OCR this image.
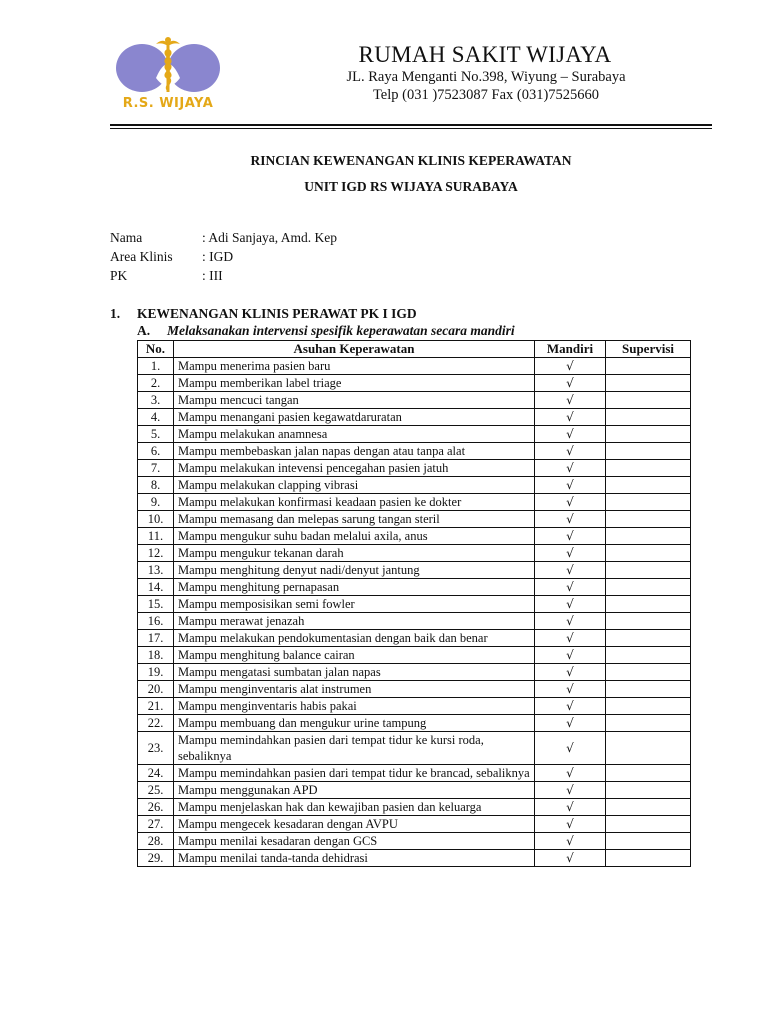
R.S. WIJAYA
RUMAH SAKIT WIJAYA
JL. Raya Menganti No.398, Wiyung – Surabaya
Telp (031 )7523087 Fax (031)7525660
RINCIAN KEWENANGAN KLINIS KEPERAWATAN
UNIT IGD RS WIJAYA SURABAYA
Nama	: Adi Sanjaya, Amd. Kep
Area Klinis	: IGD
PK	: III
1. KEWENANGAN KLINIS PERAWAT PK I IGD
A. Melaksanakan intervensi spesifik keperawatan secara mandiri
No.	Asuhan Keperawatan	Mandiri	Supervisi
1.	Mampu menerima pasien baru	√	
2.	Mampu memberikan label triage	√	
3.	Mampu mencuci tangan	√	
4.	Mampu menangani pasien kegawatdaruratan	√	
5.	Mampu melakukan anamnesa	√	
6.	Mampu membebaskan jalan napas dengan atau tanpa alat	√	
7.	Mampu melakukan intevensi pencegahan pasien jatuh	√	
8.	Mampu melakukan clapping vibrasi	√	
9.	Mampu melakukan konfirmasi keadaan pasien ke dokter	√	
10.	Mampu memasang dan melepas sarung tangan steril	√	
11.	Mampu mengukur suhu badan melalui axila, anus	√	
12.	Mampu mengukur tekanan darah	√	
13.	Mampu menghitung denyut nadi/denyut jantung	√	
14.	Mampu menghitung pernapasan	√	
15.	Mampu memposisikan semi fowler	√	
16.	Mampu merawat jenazah	√	
17.	Mampu melakukan pendokumentasian dengan baik dan benar	√	
18.	Mampu menghitung balance cairan	√	
19.	Mampu mengatasi sumbatan jalan napas	√	
20.	Mampu menginventaris alat instrumen	√	
21.	Mampu menginventaris habis pakai	√	
22.	Mampu membuang dan mengukur urine tampung	√	
23.	Mampu memindahkan pasien dari tempat tidur ke kursi roda, sebaliknya	√	
24.	Mampu memindahkan pasien dari tempat tidur ke brancad, sebaliknya	√	
25.	Mampu menggunakan APD	√	
26.	Mampu menjelaskan hak dan kewajiban pasien dan keluarga	√	
27.	Mampu mengecek kesadaran dengan AVPU	√	
28.	Mampu menilai kesadaran dengan GCS	√	
29.	Mampu menilai tanda-tanda dehidrasi	√	
